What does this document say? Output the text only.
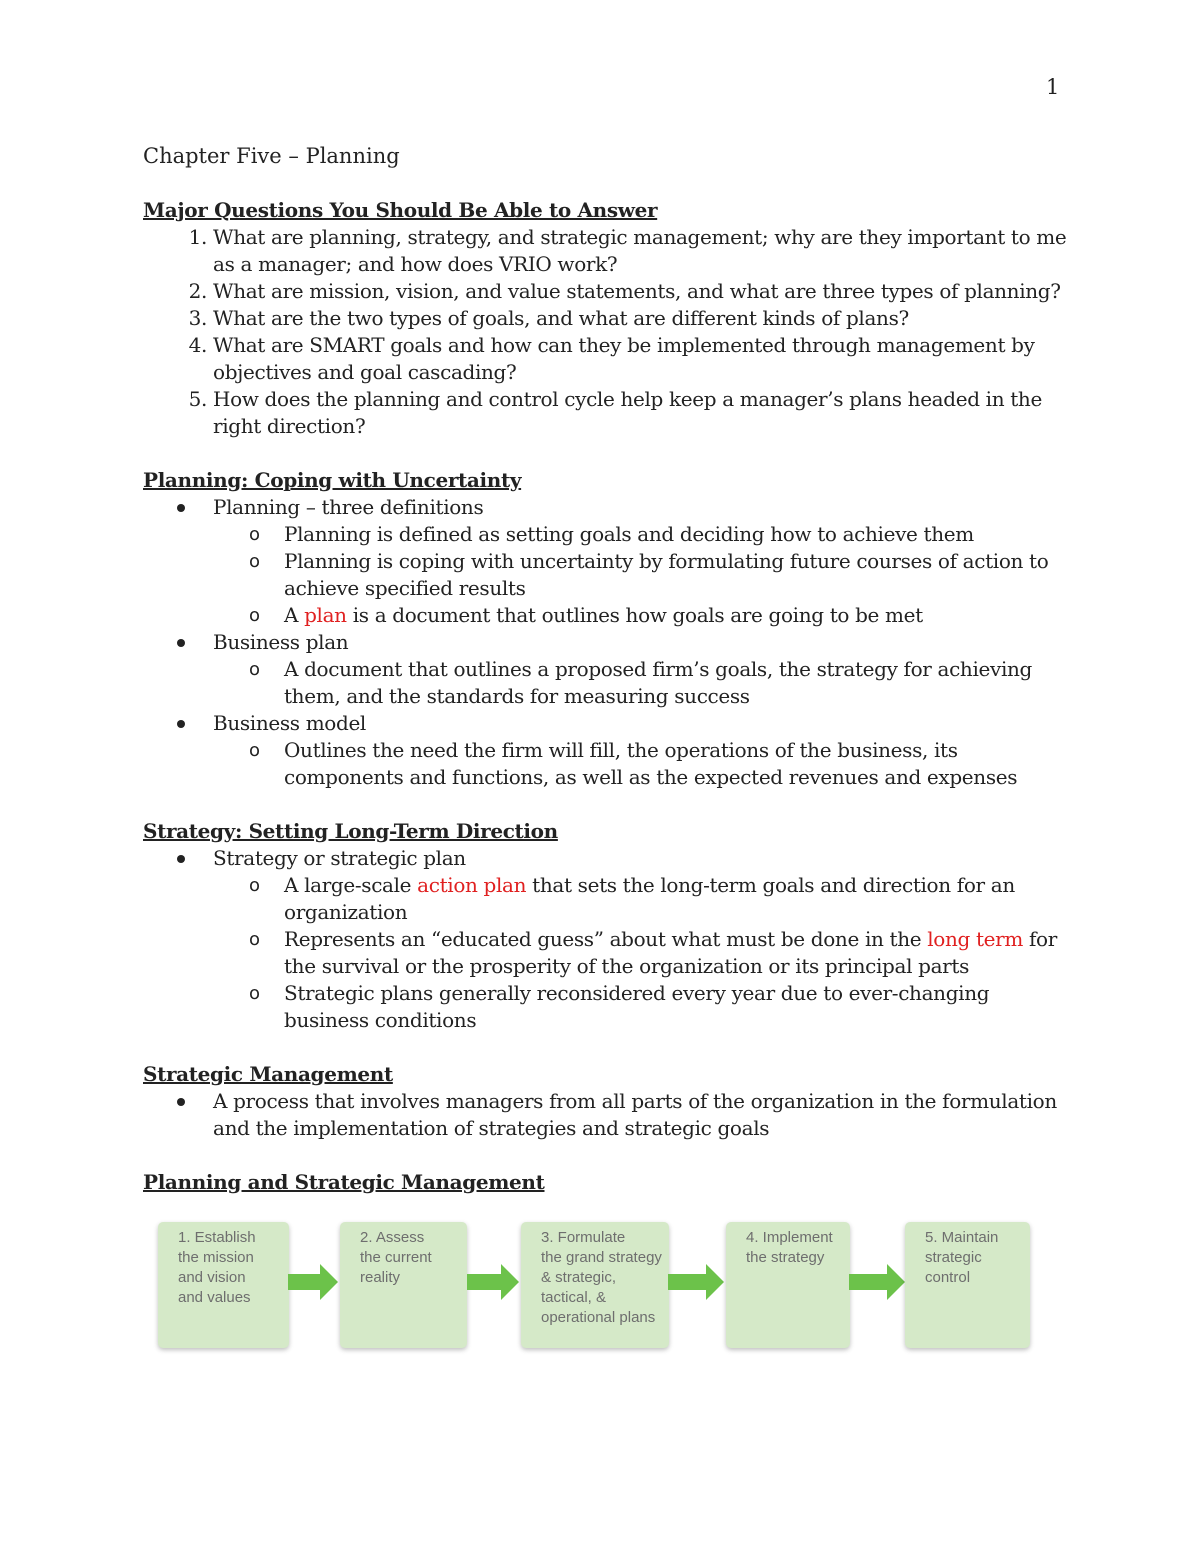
1
Chapter Five – Planning
Major Questions You Should Be Able to Answer
1. What are planning, strategy, and strategic management; why are they important to me as a manager; and how does VRIO work?
2. What are mission, vision, and value statements, and what are three types of planning?
3. What are the two types of goals, and what are different kinds of plans?
4. What are SMART goals and how can they be implemented through management by objectives and goal cascading?
5. How does the planning and control cycle help keep a manager’s plans headed in the right direction?
Planning: Coping with Uncertainty
Planning – three definitions
o Planning is defined as setting goals and deciding how to achieve them
o Planning is coping with uncertainty by formulating future courses of action to achieve specified results
o A plan is a document that outlines how goals are going to be met
Business plan
o A document that outlines a proposed firm’s goals, the strategy for achieving them, and the standards for measuring success
Business model
o Outlines the need the firm will fill, the operations of the business, its components and functions, as well as the expected revenues and expenses
Strategy: Setting Long-Term Direction
Strategy or strategic plan
o A large-scale action plan that sets the long-term goals and direction for an organization
o Represents an “educated guess” about what must be done in the long term for the survival or the prosperity of the organization or its principal parts
o Strategic plans generally reconsidered every year due to ever-changing business conditions
Strategic Management
A process that involves managers from all parts of the organization in the formulation and the implementation of strategies and strategic goals
Planning and Strategic Management
1. Establish
the mission
and vision
and values
2. Assess
the current
reality
3. Formulate
the grand strategy
& strategic,
tactical, &
operational plans
4. Implement
the strategy
5. Maintain
strategic
control
